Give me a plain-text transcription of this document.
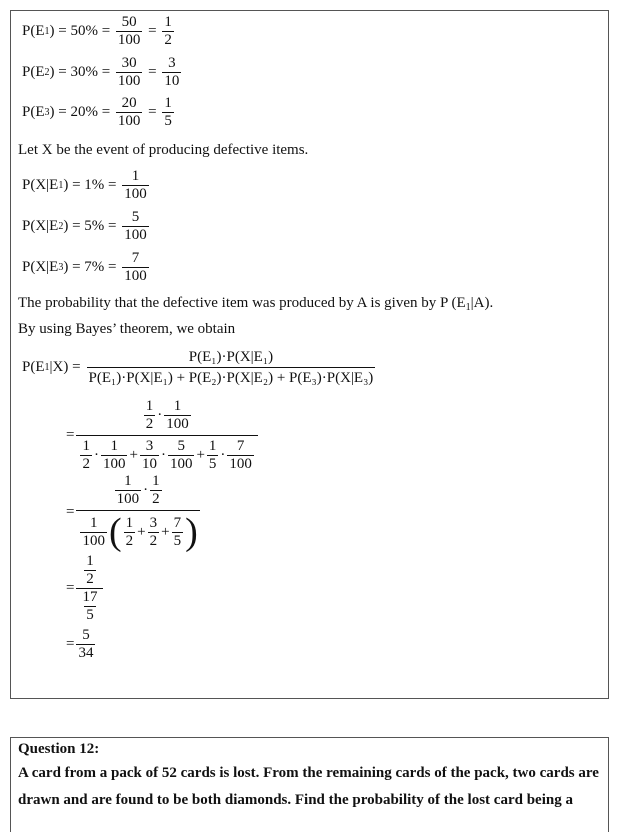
P(E 1 ) = $50\% = \frac{50}{100} = \frac{1}{2}$
P(E 2 ) = $30\% = \frac{30}{100} = \frac{3}{10}$
P(E 3 ) = $20\% = \frac{20}{100} = \frac{1}{5}$
Let X be the event of producing defective items.
P(X|E 1 ) = $1\% = \frac{1}{100}$
P(X|E 2 ) = $5\% = \frac{5}{100}$
P(X|E 3 ) = $7\% = \frac{7}{100}$
The probability that the defective item was produced by A is given by P $(E_1|A)$.
By using Bayes’ theorem, we obtain
P(E 1 $|X) = \frac{\text{P(E₁)·P(X|E₁)}}{\text{P(E₁)·P(X|E₁) + P(E₂)·P(X|E₂) + P(E₃)·P(X|E₃)}}$
= $\frac{\frac{1}{2} \cdot \frac{1}{100}}{\frac{1}{2} \cdot \frac{1}{100} + \frac{3}{10} \cdot \frac{5}{100} + \frac{1}{5} \cdot \frac{7}{100}}$
= $\frac{\frac{1}{100} \cdot \frac{1}{2}}{\frac{1}{100} ( \frac{1}{2} + \frac{3}{2} + \frac{7}{5} )}$
= $\frac{\frac{1}{2}}{\frac{17}{5}}$
= $\frac{5}{34}$
Question 12:
A card from a pack of 52 cards is lost. From the remaining cards of the pack, two cards are
drawn and are found to be both diamonds. Find the probability of the lost card being a
